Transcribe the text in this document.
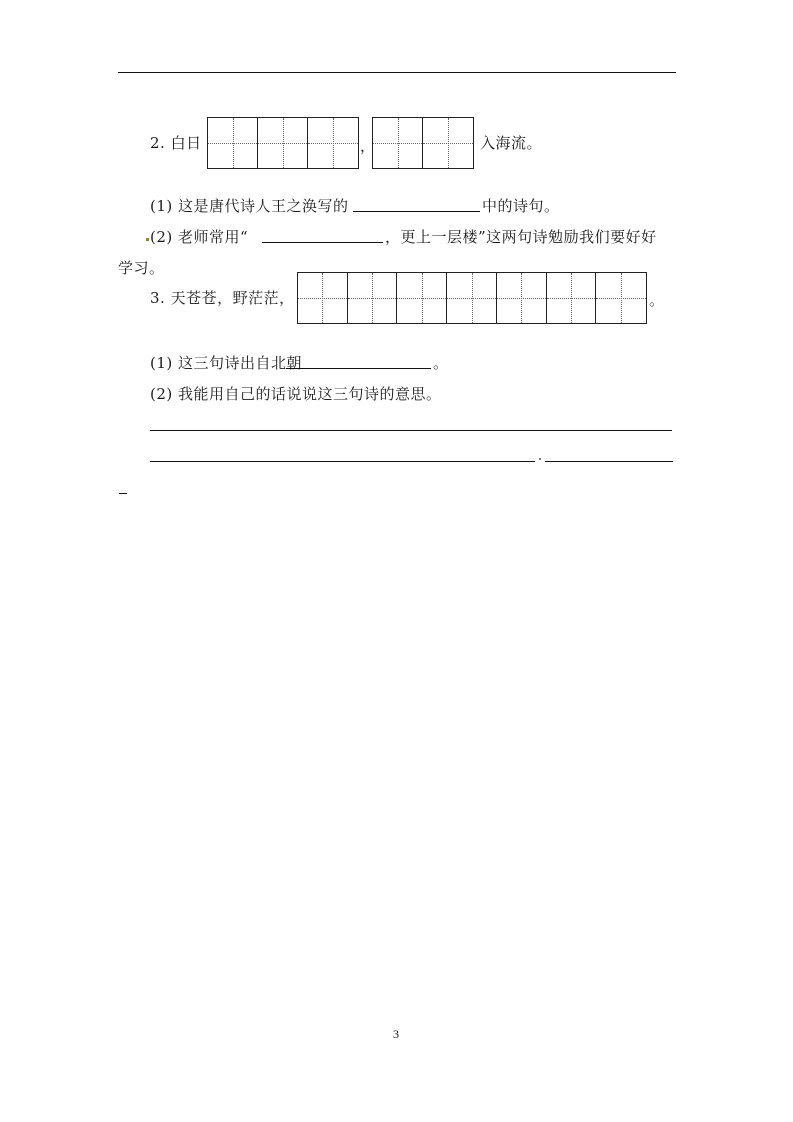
2. 白日	，	入海流。
(1) 这是唐代诗人王之涣写的	中的诗句。
(2) 老师常用“	，更上一层楼”这两句诗勉励我们要好好
学习。
3. 天苍苍，野茫茫，	。
(1) 这三句诗出自北朝	。
(2) 我能用自己的话说说这三句诗的意思。
3
